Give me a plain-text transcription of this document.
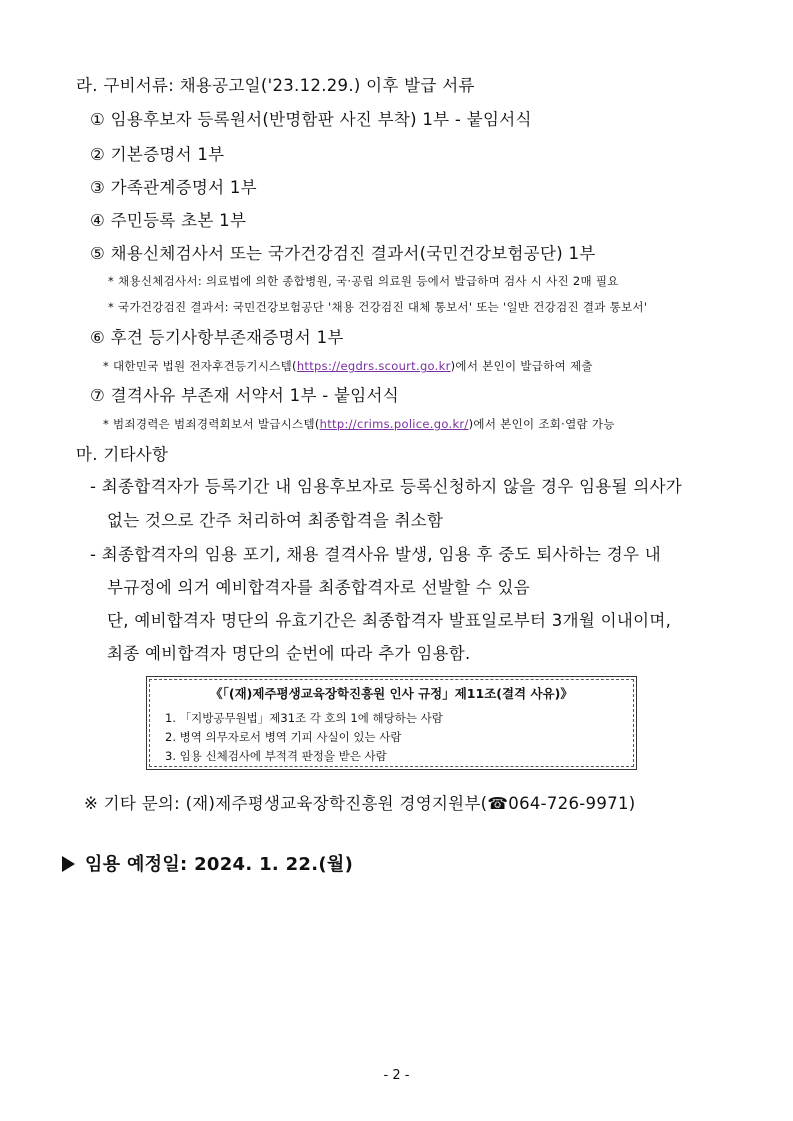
라. 구비서류: 채용공고일('23.12.29.) 이후 발급 서류
① 임용후보자 등록원서(반명함판 사진 부착) 1부 - 붙임서식
② 기본증명서 1부
③ 가족관계증명서 1부
④ 주민등록 초본 1부
⑤ 채용신체검사서 또는 국가건강검진 결과서(국민건강보험공단) 1부
* 채용신체검사서: 의료법에 의한 종합병원, 국·공립 의료원 등에서 발급하며 검사 시 사진 2매 필요
* 국가건강검진 결과서: 국민건강보험공단 '채용 건강검진 대체 통보서' 또는 '일반 건강검진 결과 통보서'
⑥ 후견 등기사항부존재증명서 1부
* 대한민국 법원 전자후견등기시스템(https://egdrs.scourt.go.kr)에서 본인이 발급하여 제출
⑦ 결격사유 부존재 서약서 1부 - 붙임서식
* 범죄경력은 범죄경력회보서 발급시스템(http://crims.police.go.kr/)에서 본인이 조회·열람 가능
마. 기타사항
- 최종합격자가 등록기간 내 임용후보자로 등록신청하지 않을 경우 임용될 의사가
없는 것으로 간주 처리하여 최종합격을 취소함
- 최종합격자의 임용 포기, 채용 결격사유 발생, 임용 후 중도 퇴사하는 경우 내
부규정에 의거 예비합격자를 최종합격자로 선발할 수 있음
단, 예비합격자 명단의 유효기간은 최종합격자 발표일로부터 3개월 이내이며,
최종 예비합격자 명단의 순번에 따라 추가 임용함.
《「(재)제주평생교육장학진흥원 인사 규정」제11조(결격 사유)》
1. 「지방공무원법」제31조 각 호의 1에 해당하는 사람
2. 병역 의무자로서 병역 기피 사실이 있는 사람
3. 임용 신체검사에 부적격 판정을 받은 사람
※ 기타 문의: (재)제주평생교육장학진흥원 경영지원부(☎064-726-9971)
임용 예정일: 2024. 1. 22.(월)
- 2 -
